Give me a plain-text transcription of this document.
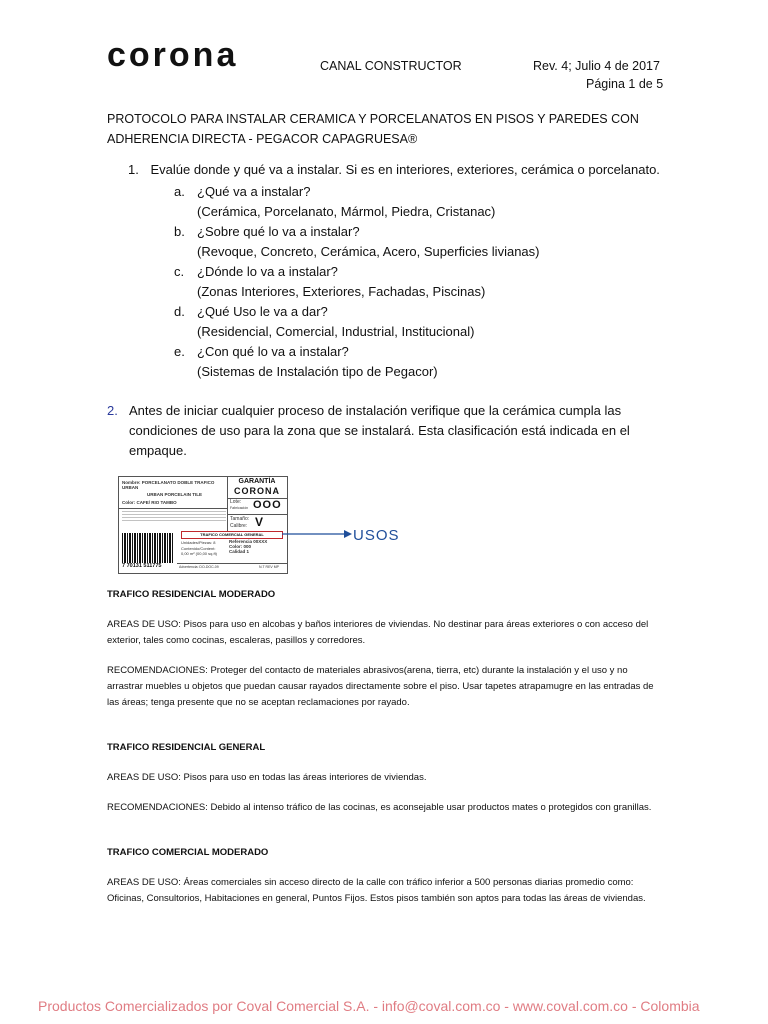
corona	CANAL CONSTRUCTOR	Rev. 4; Julio 4 de 2017
Página 1 de 5
PROTOCOLO PARA INSTALAR CERAMICA Y PORCELANATOS EN PISOS Y PAREDES CON ADHERENCIA DIRECTA - PEGACOR CAPAGRUESA®
1. Evalúe donde y qué va a instalar. Si es en interiores, exteriores, cerámica o porcelanato.
a. ¿Qué va a instalar?
(Cerámica, Porcelanato, Mármol, Piedra, Cristanac)
b. ¿Sobre qué lo va a instalar?
(Revoque, Concreto, Cerámica, Acero, Superficies livianas)
c. ¿Dónde lo va a instalar?
(Zonas Interiores, Exteriores, Fachadas, Piscinas)
d. ¿Qué Uso le va a dar?
(Residencial, Comercial, Industrial, Institucional)
e. ¿Con qué lo va a instalar?
(Sistemas de Instalación tipo de Pegacor)
2. Antes de iniciar cualquier proceso de instalación verifique que la cerámica cumpla las condiciones de uso para la zona que se instalará. Esta clasificación está indicada en el empaque.
Nombre: PORCELANATO DOBLE TRAFICO URBAN
URBAN PORCELAIN TILE
Color: CAFE/ RIO TAMBO
GARANTÍA
CORONA
Lote:
Fabricación OOO
Tamaño:
Calibre: V
TRAFICO COMERCIAL GENERAL
7 70131 511775
Unidades/Piezas: 8
Contenido/Content:
0,00 m² (00,00 sq.ft)
Referencia 00XXX
Color: 000
Calidad 1
Advertencia: DO-DOC-09	N.T REV MP
USOS
TRAFICO RESIDENCIAL MODERADO
AREAS DE USO: Pisos para uso en alcobas y baños interiores de viviendas. No destinar para áreas exteriores o con acceso del exterior, tales como cocinas, escaleras, pasillos y corredores.
RECOMENDACIONES: Proteger del contacto de materiales abrasivos(arena, tierra, etc) durante la instalación y el uso y no arrastrar muebles u objetos que puedan causar rayados directamente sobre el piso. Usar tapetes atrapamugre en las entradas de las áreas; tenga presente que no se aceptan reclamaciones por rayado.
TRAFICO RESIDENCIAL GENERAL
AREAS DE USO: Pisos para uso en todas las áreas interiores de viviendas.
RECOMENDACIONES: Debido al intenso tráfico de las cocinas, es aconsejable usar productos mates o protegidos con granillas.
TRAFICO COMERCIAL MODERADO
AREAS DE USO: Áreas comerciales sin acceso directo de la calle con tráfico inferior a 500 personas diarias promedio como: Oficinas, Consultorios, Habitaciones en general, Puntos Fijos. Estos pisos también son aptos para todas las áreas de viviendas.
Productos Comercializados por Coval Comercial S.A. - info@coval.com.co - www.coval.com.co - Colombia
